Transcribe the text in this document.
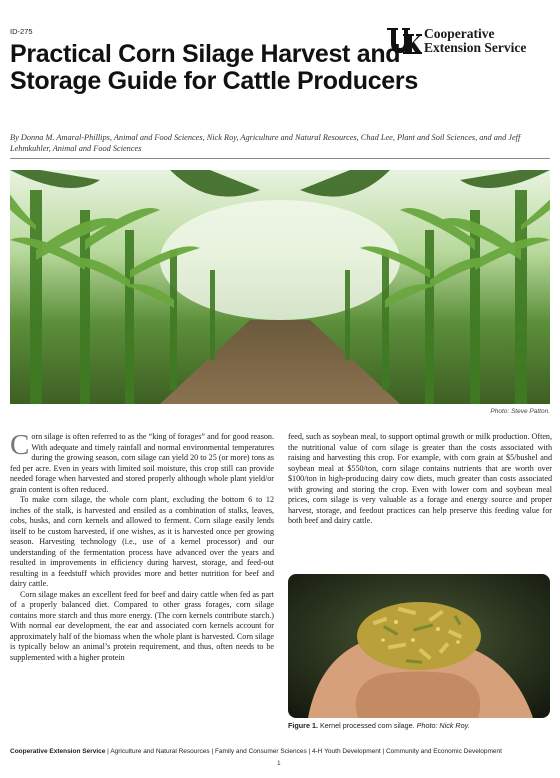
ID-275	Cooperative
Extension Service
Practical Corn Silage Harvest and Storage Guide for Cattle Producers

By Donna M. Amaral-Phillips, Animal and Food Sciences, Nick Roy, Agriculture and Natural Resources, Chad Lee, Plant and Soil Sciences, and and Jeff Lehmkuhler, Animal and Food Sciences

Photo: Steve Patton.

Corn silage is often referred to as the “king of forages” and for good reason. With adequate and timely rainfall and normal environmental temperatures during the growing season, corn silage can yield 20 to 25 (or more) tons as fed per acre. Even in years with limited soil moisture, this crop still can provide needed forage when harvested and stored properly although whole plant yield/or grain content is often reduced.

To make corn silage, the whole corn plant, excluding the bottom 6 to 12 inches of the stalk, is harvested and ensiled as a combination of stalks, leaves, cobs, husks, and corn kernels and allowed to ferment. Corn silage easily lends itself to be custom harvested, if one wishes, as it is harvested once per growing season. Harvesting technology (i.e., use of a kernel processor) and our understanding of the fermentation process have advanced over the years and resulted in improvements in efficiency during harvest, storage, and feed-out resulting in a feedstuff which provides more and better nutrition for beef and dairy cattle.

Corn silage makes an excellent feed for beef and dairy cattle when fed as part of a properly balanced diet. Compared to other grass forages, corn silage contains more starch and thus more energy. (The corn kernels contribute starch.) With normal ear development, the ear and associated corn kernels account for approximately half of the biomass when the whole plant is harvested. Corn silage is typically below an animal’s protein requirement, and thus, often needs to be supplemented with a higher protein

feed, such as soybean meal, to support optimal growth or milk production. Often, the nutritional value of corn silage is greater than the costs associated with raising and harvesting this crop. For example, with corn grain at $5/bushel and soybean meal at $550/ton, corn silage contains nutrients that are worth over $100/ton in high-producing dairy cow diets, much greater than costs associated with growing and storing the crop. Even with lower corn and soybean meal prices, corn silage is very valuable as a forage and energy source and proper harvest, storage, and feedout practices can help preserve this feeding value for both beef and dairy cattle.

Figure 1. Kernel processed corn silage. Photo: Nick Roy.
Cooperative Extension Service | Agriculture and Natural Resources | Family and Consumer Sciences | 4-H Youth Development | Community and Economic Development
1
